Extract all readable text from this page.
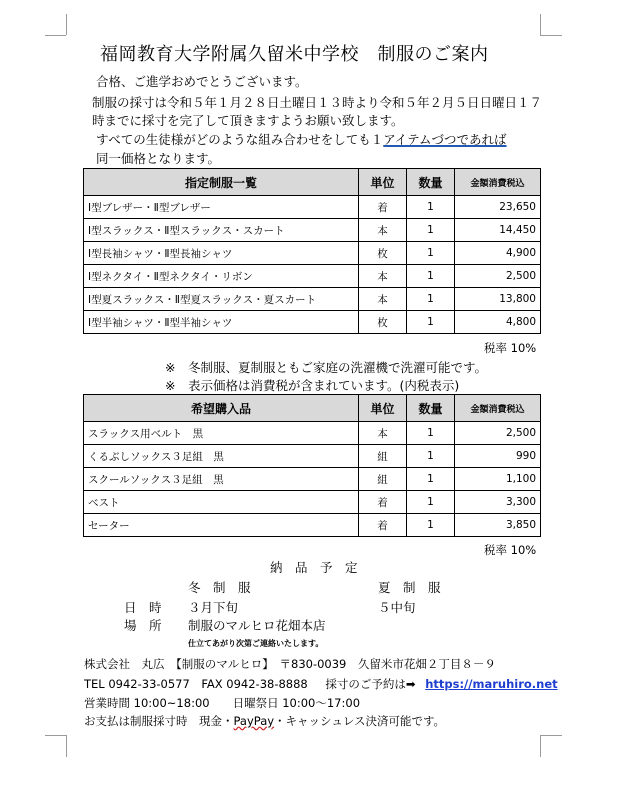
福岡教育大学附属久留米中学校　制服のご案内
合格、ご進学おめでとうございます。
制服の採寸は令和５年１月２８日土曜日１３時より令和５年２月５日日曜日１７
時までに採寸を完了して頂きますようお願い致します。
すべての生徒様がどのような組み合わせをしても１アイテムづつであれば
同一価格となります。
指定制服一覧	単位	数量	金額消費税込
Ⅰ型ブレザー・Ⅱ型ブレザー	着	1	23,650
Ⅰ型スラックス・Ⅱ型スラックス・スカート	本	1	14,450
Ⅰ型長袖シャツ・Ⅱ型長袖シャツ	枚	1	4,900
Ⅰ型ネクタイ・Ⅱ型ネクタイ・リボン	本	1	2,500
Ⅰ型夏スラックス・Ⅱ型夏スラックス・夏スカート	本	1	13,800
Ⅰ型半袖シャツ・Ⅱ型半袖シャツ	枚	1	4,800
税率 10%
※　冬制服、夏制服ともご家庭の洗濯機で洗濯可能です。
※　表示価格は消費税が含まれています。(内税表示)
希望購入品	単位	数量	金額消費税込
スラックス用ベルト　黒	本	1	2,500
くるぶしソックス３足組　黒	組	1	990
スクールソックス３足組　黒	組	1	1,100
ベスト	着	1	3,300
セーター	着	1	3,850
税率 10%
納　品　予　定
冬　制　服	夏　制　服
日　時 ３月下旬	５中旬
場　所 制服のマルヒロ花畑本店
仕立てあがり次第ご連絡いたします。
株式会社　丸広　【制服のマルヒロ】　〒830-0039　久留米市花畑２丁目８－９
TEL 0942-33-0577　FAX 0942-38-8888 採寸のご予約は➡ https://maruhiro.net
営業時間 10:00~18:00　　日曜祭日 10:00～17:00
お支払は制服採寸時　現金・PayPay・キャッシュレス決済可能です。
